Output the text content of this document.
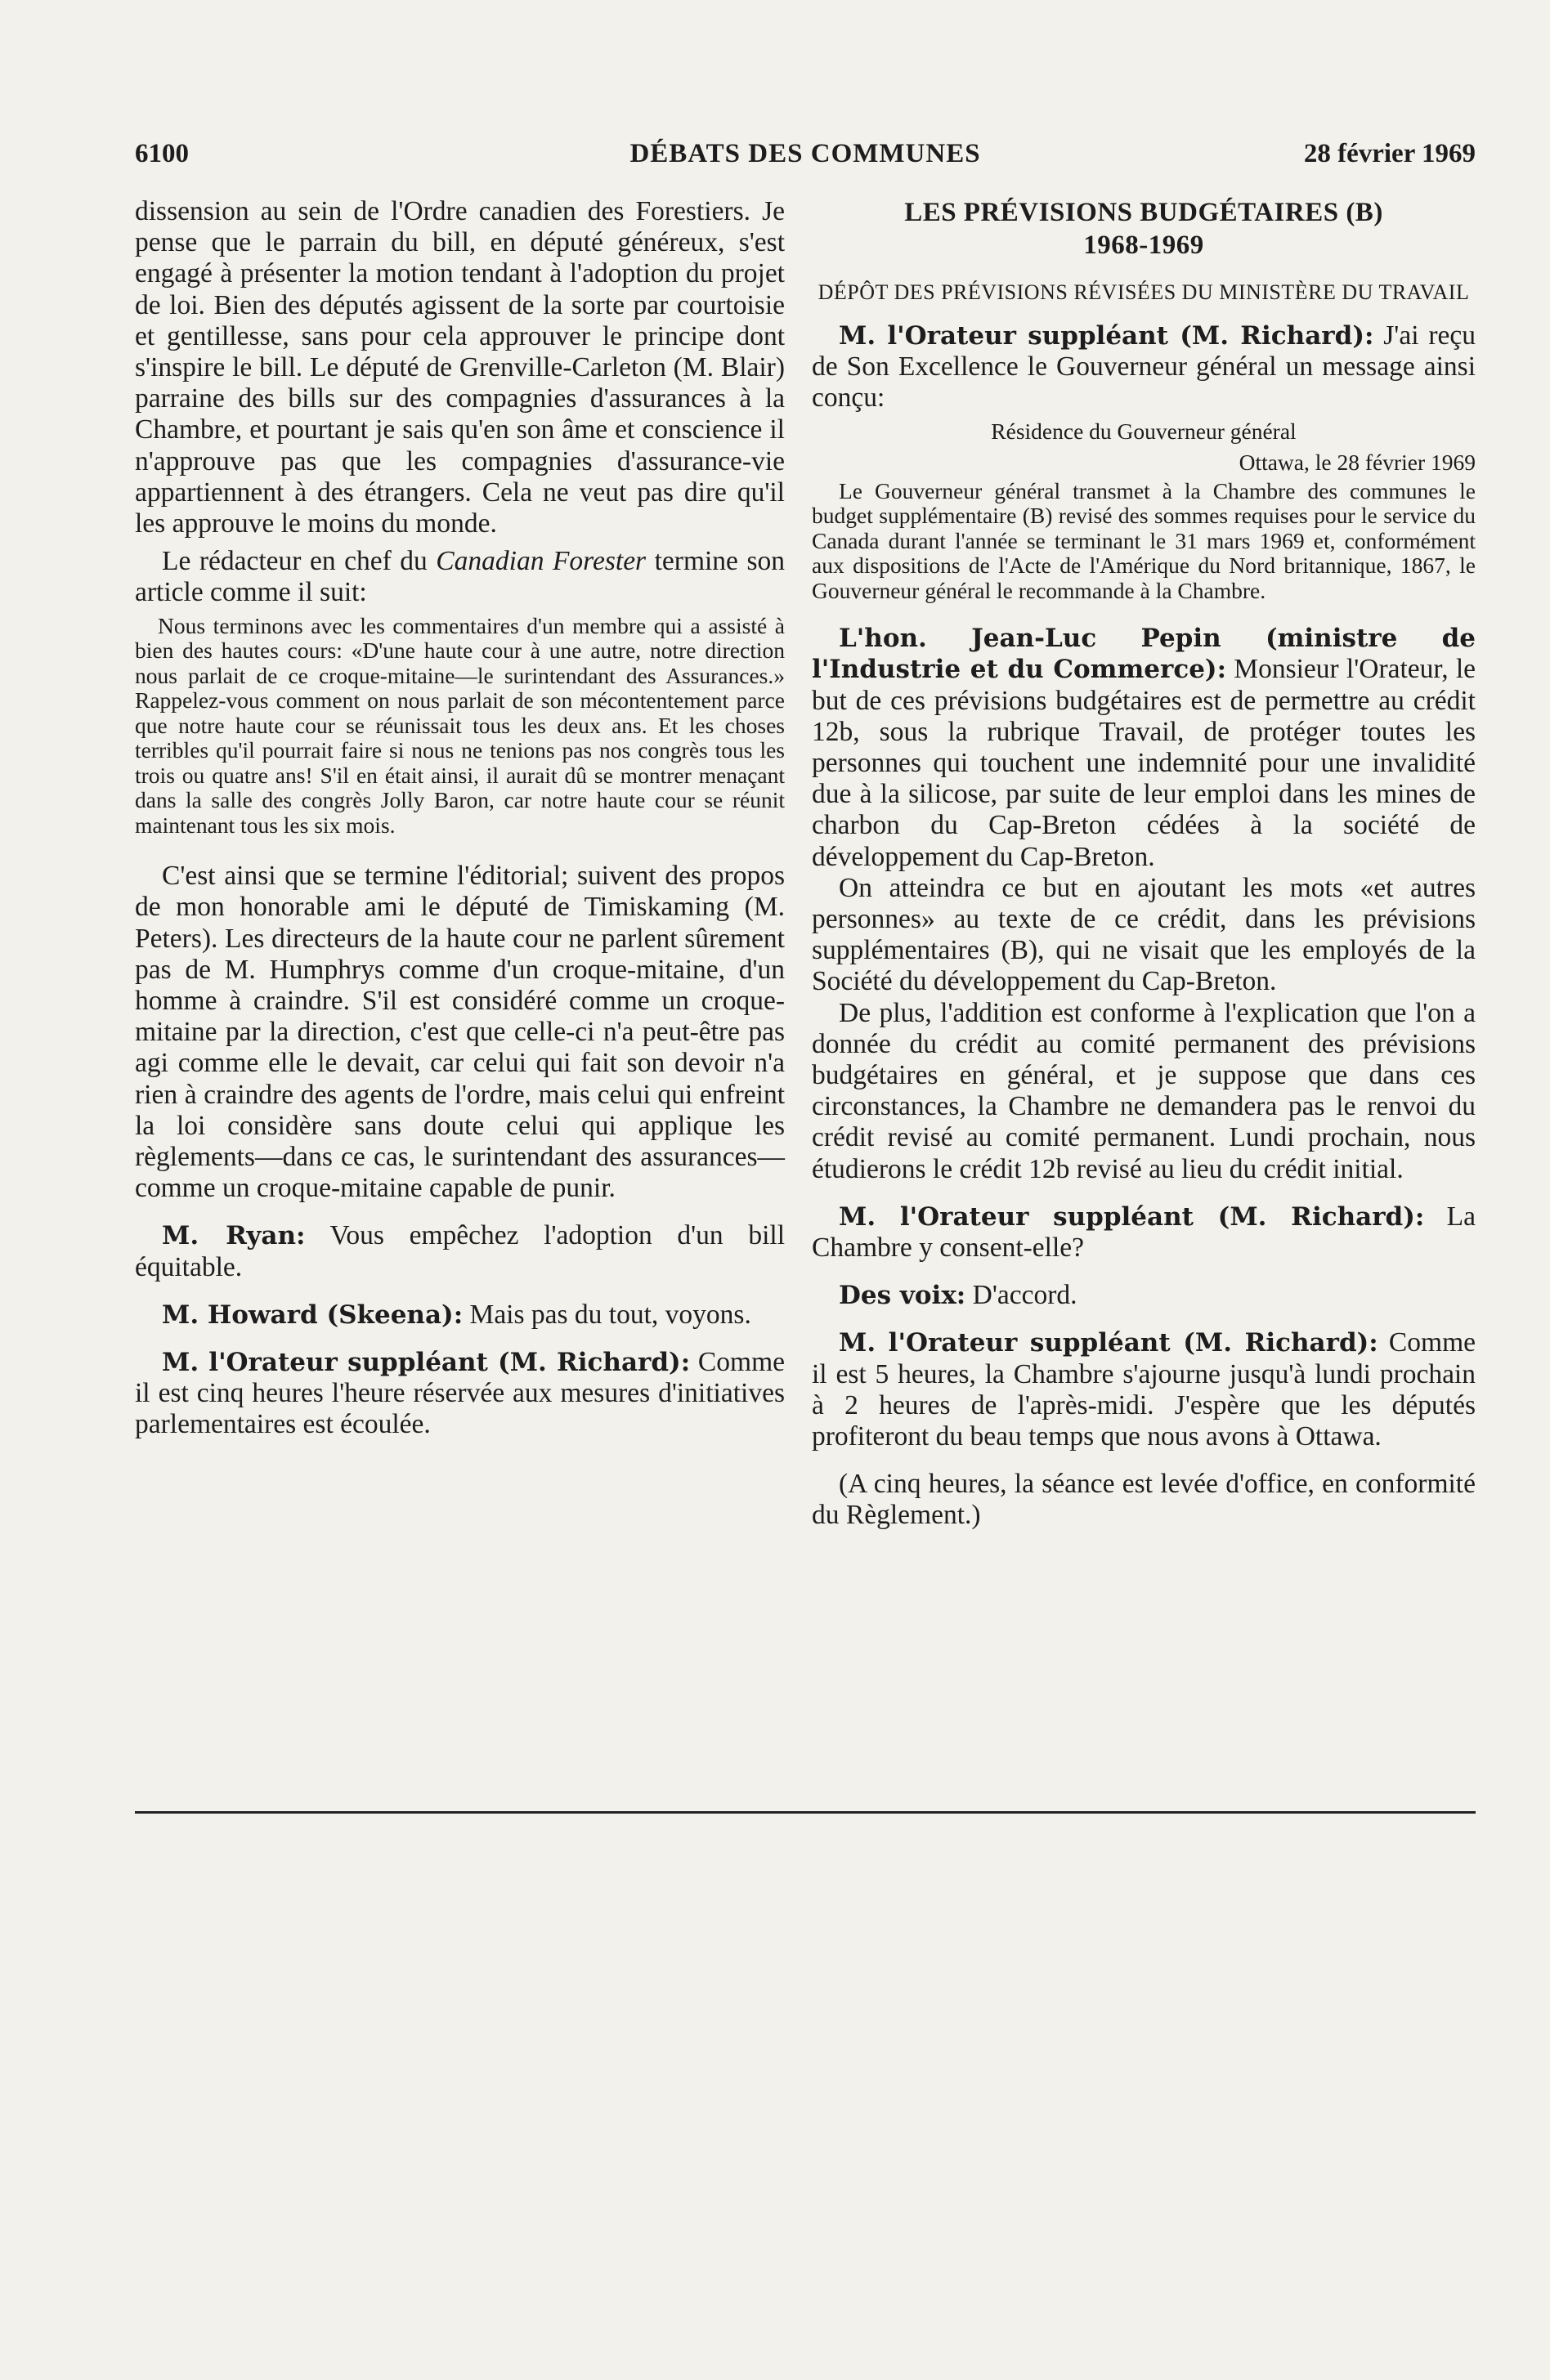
6100	DÉBATS DES COMMUNES	28 février 1969

dissension au sein de l'Ordre canadien des Forestiers. Je pense que le parrain du bill, en député généreux, s'est engagé à présenter la motion tendant à l'adoption du projet de loi. Bien des députés agissent de la sorte par courtoisie et gentillesse, sans pour cela approuver le principe dont s'inspire le bill. Le député de Grenville-Carleton (M. Blair) parraine des bills sur des compagnies d'assurances à la Chambre, et pourtant je sais qu'en son âme et conscience il n'approuve pas que les compagnies d'assurance-vie appartiennent à des étrangers. Cela ne veut pas dire qu'il les approuve le moins du monde.

Le rédacteur en chef du Canadian Forester termine son article comme il suit:

Nous terminons avec les commentaires d'un membre qui a assisté à bien des hautes cours: «D'une haute cour à une autre, notre direction nous parlait de ce croque-mitaine—le surintendant des Assurances.» Rappelez-vous comment on nous parlait de son mécontentement parce que notre haute cour se réunissait tous les deux ans. Et les choses terribles qu'il pourrait faire si nous ne tenions pas nos congrès tous les trois ou quatre ans! S'il en était ainsi, il aurait dû se montrer menaçant dans la salle des congrès Jolly Baron, car notre haute cour se réunit maintenant tous les six mois.

C'est ainsi que se termine l'éditorial; suivent des propos de mon honorable ami le député de Timiskaming (M. Peters). Les directeurs de la haute cour ne parlent sûrement pas de M. Humphrys comme d'un croque-mitaine, d'un homme à craindre. S'il est considéré comme un croque-mitaine par la direction, c'est que celle-ci n'a peut-être pas agi comme elle le devait, car celui qui fait son devoir n'a rien à craindre des agents de l'ordre, mais celui qui enfreint la loi considère sans doute celui qui applique les règlements—dans ce cas, le surintendant des assurances—comme un croque-mitaine capable de punir.

M. Ryan: Vous empêchez l'adoption d'un bill équitable.

M. Howard (Skeena): Mais pas du tout, voyons.

M. l'Orateur suppléant (M. Richard): Comme il est cinq heures l'heure réservée aux mesures d'initiatives parlementaires est écoulée.

LES PRÉVISIONS BUDGÉTAIRES (B)
1968-1969

DÉPÔT DES PRÉVISIONS RÉVISÉES DU MINISTÈRE DU TRAVAIL

M. l'Orateur suppléant (M. Richard): J'ai reçu de Son Excellence le Gouverneur général un message ainsi conçu:

Résidence du Gouverneur général

Ottawa, le 28 février 1969

Le Gouverneur général transmet à la Chambre des communes le budget supplémentaire (B) revisé des sommes requises pour le service du Canada durant l'année se terminant le 31 mars 1969 et, conformément aux dispositions de l'Acte de l'Amérique du Nord britannique, 1867, le Gouverneur général le recommande à la Chambre.

L'hon. Jean-Luc Pepin (ministre de l'Industrie et du Commerce): Monsieur l'Orateur, le but de ces prévisions budgétaires est de permettre au crédit 12b, sous la rubrique Travail, de protéger toutes les personnes qui touchent une indemnité pour une invalidité due à la silicose, par suite de leur emploi dans les mines de charbon du Cap-Breton cédées à la société de développement du Cap-Breton.

On atteindra ce but en ajoutant les mots «et autres personnes» au texte de ce crédit, dans les prévisions supplémentaires (B), qui ne visait que les employés de la Société du développement du Cap-Breton.

De plus, l'addition est conforme à l'explication que l'on a donnée du crédit au comité permanent des prévisions budgétaires en général, et je suppose que dans ces circonstances, la Chambre ne demandera pas le renvoi du crédit revisé au comité permanent. Lundi prochain, nous étudierons le crédit 12b revisé au lieu du crédit initial.

M. l'Orateur suppléant (M. Richard): La Chambre y consent-elle?

Des voix: D'accord.

M. l'Orateur suppléant (M. Richard): Comme il est 5 heures, la Chambre s'ajourne jusqu'à lundi prochain à 2 heures de l'après-midi. J'espère que les députés profiteront du beau temps que nous avons à Ottawa.

(A cinq heures, la séance est levée d'office, en conformité du Règlement.)
